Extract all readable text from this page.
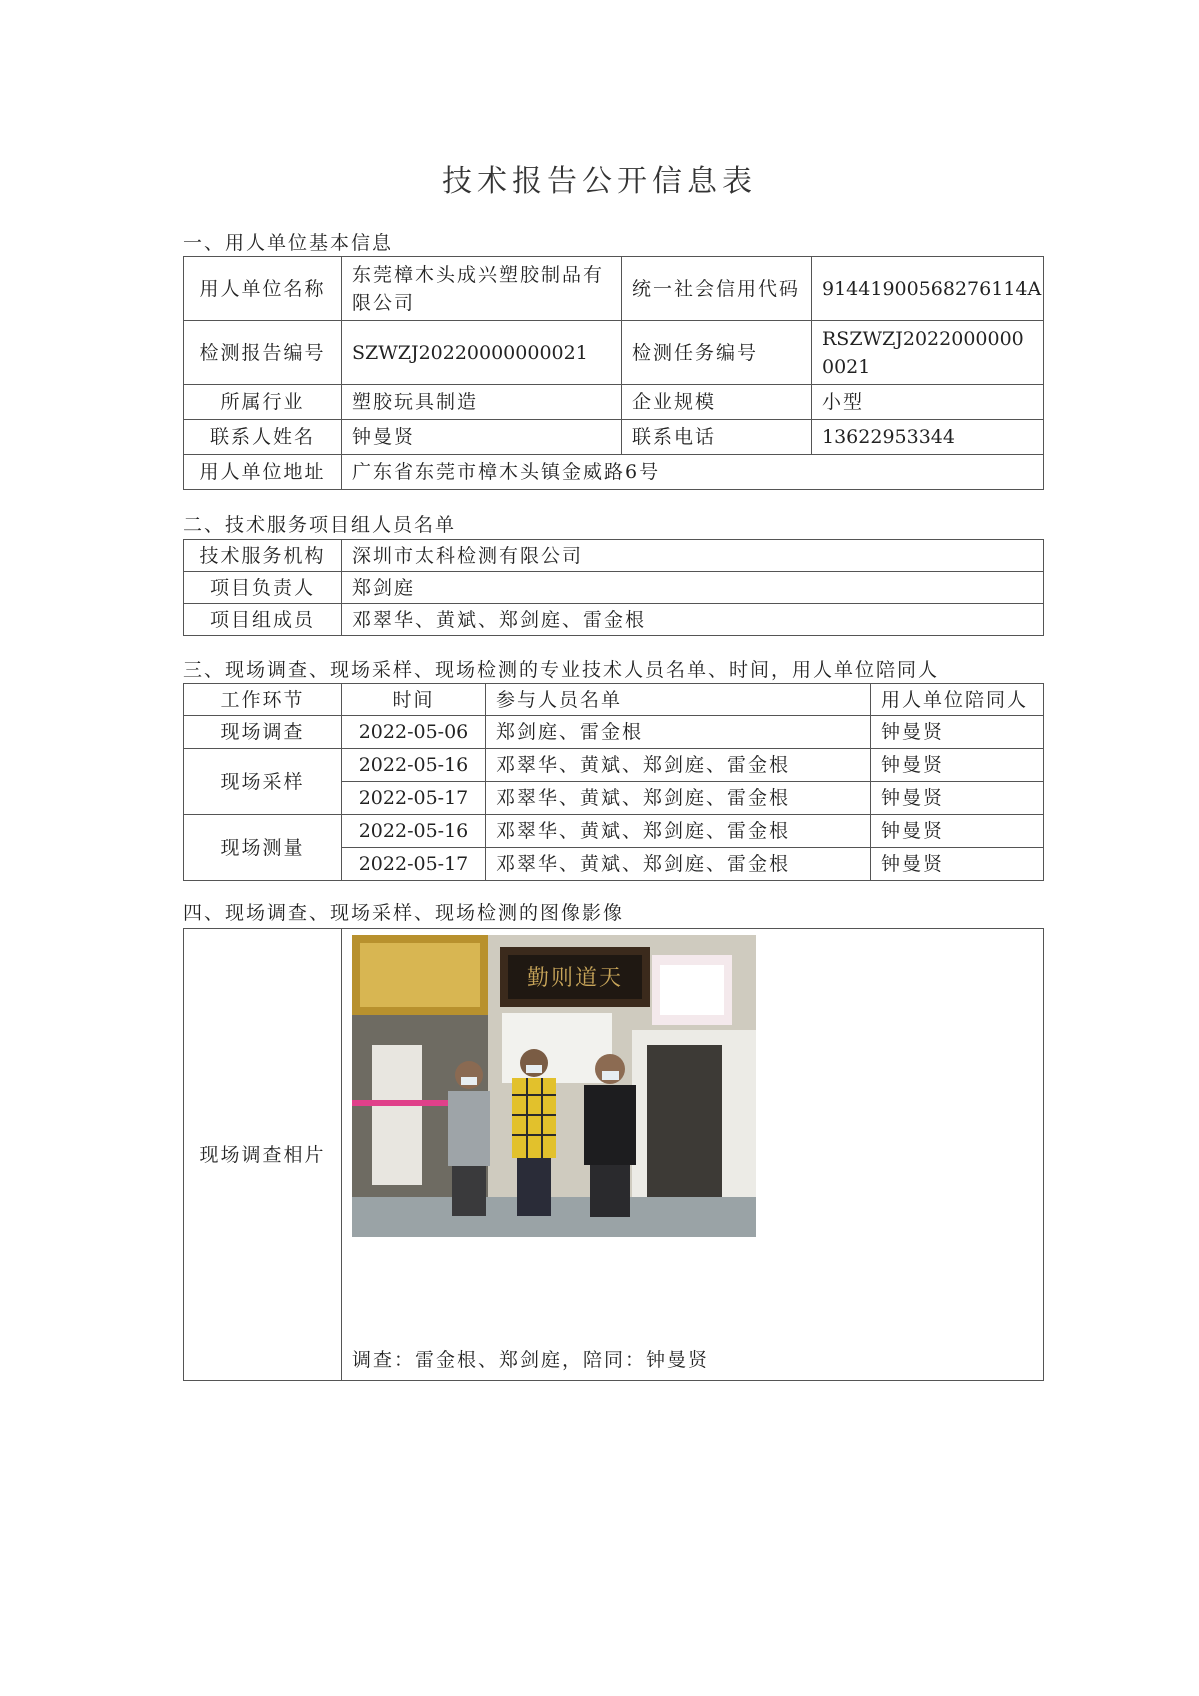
技术报告公开信息表
一、用人单位基本信息
用人单位名称	东莞樟木头成兴塑胶制品有限公司	统一社会信用代码	91441900568276114A
检测报告编号	SZWZJ20220000000021	检测任务编号	RSZWZJ20220000000021
所属行业	塑胶玩具制造	企业规模	小型
联系人姓名	钟曼贤	联系电话	13622953344
用人单位地址	广东省东莞市樟木头镇金威路6号		
二、技术服务项目组人员名单
技术服务机构	深圳市太科检测有限公司
项目负责人	郑剑庭
项目组成员	邓翠华、黄斌、郑剑庭、雷金根
三、现场调查、现场采样、现场检测的专业技术人员名单、时间，用人单位陪同人
工作环节	时间	参与人员名单	用人单位陪同人
现场调查	2022-05-06	郑剑庭、雷金根	钟曼贤
现场采样	2022-05-16	邓翠华、黄斌、郑剑庭、雷金根	钟曼贤
	2022-05-17	邓翠华、黄斌、郑剑庭、雷金根	钟曼贤
现场测量	2022-05-16	邓翠华、黄斌、郑剑庭、雷金根	钟曼贤
	2022-05-17	邓翠华、黄斌、郑剑庭、雷金根	钟曼贤
四、现场调查、现场采样、现场检测的图像影像
现场调查相片	
勤则道天
调查：雷金根、郑剑庭，陪同：钟曼贤
